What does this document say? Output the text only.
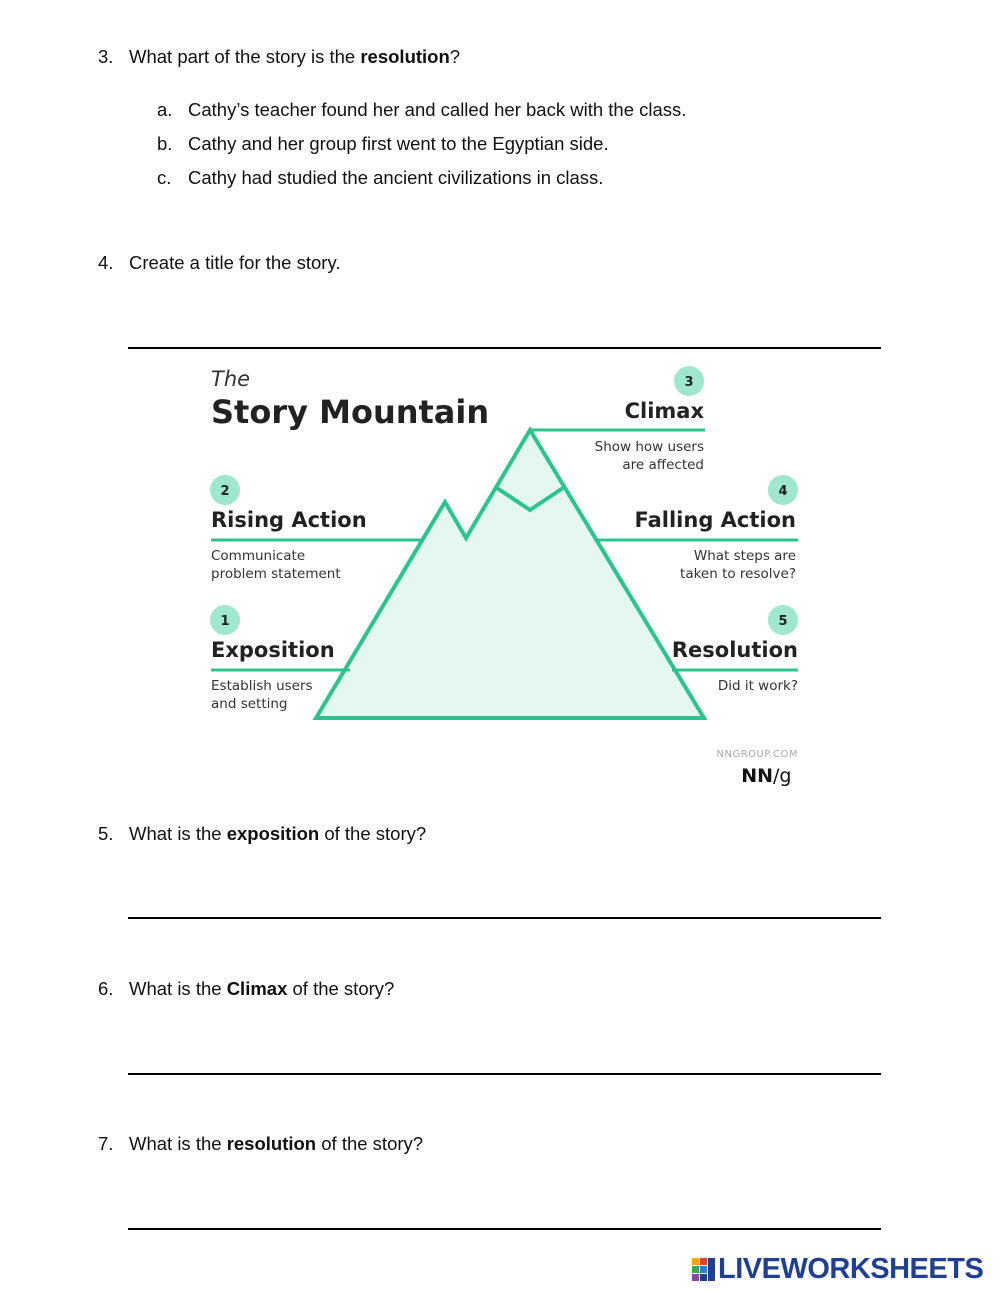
3. What part of the story is the resolution?
a. Cathy’s teacher found her and called her back with the class.
b. Cathy and her group first went to the Egyptian side.
c. Cathy had studied the ancient civilizations in class.
4. Create a title for the story.
The
Story Mountain
1
Exposition
Establish users
and setting
2
Rising Action
Communicate
problem statement
3
Climax
Show how users
are affected
4
Falling Action
What steps are
taken to resolve?
5
Resolution
Did it work?
NNGROUP.COM
NN /g
5. What is the exposition of the story?
6. What is the Climax of the story?
7. What is the resolution of the story?
LIVEWORKSHEETS
